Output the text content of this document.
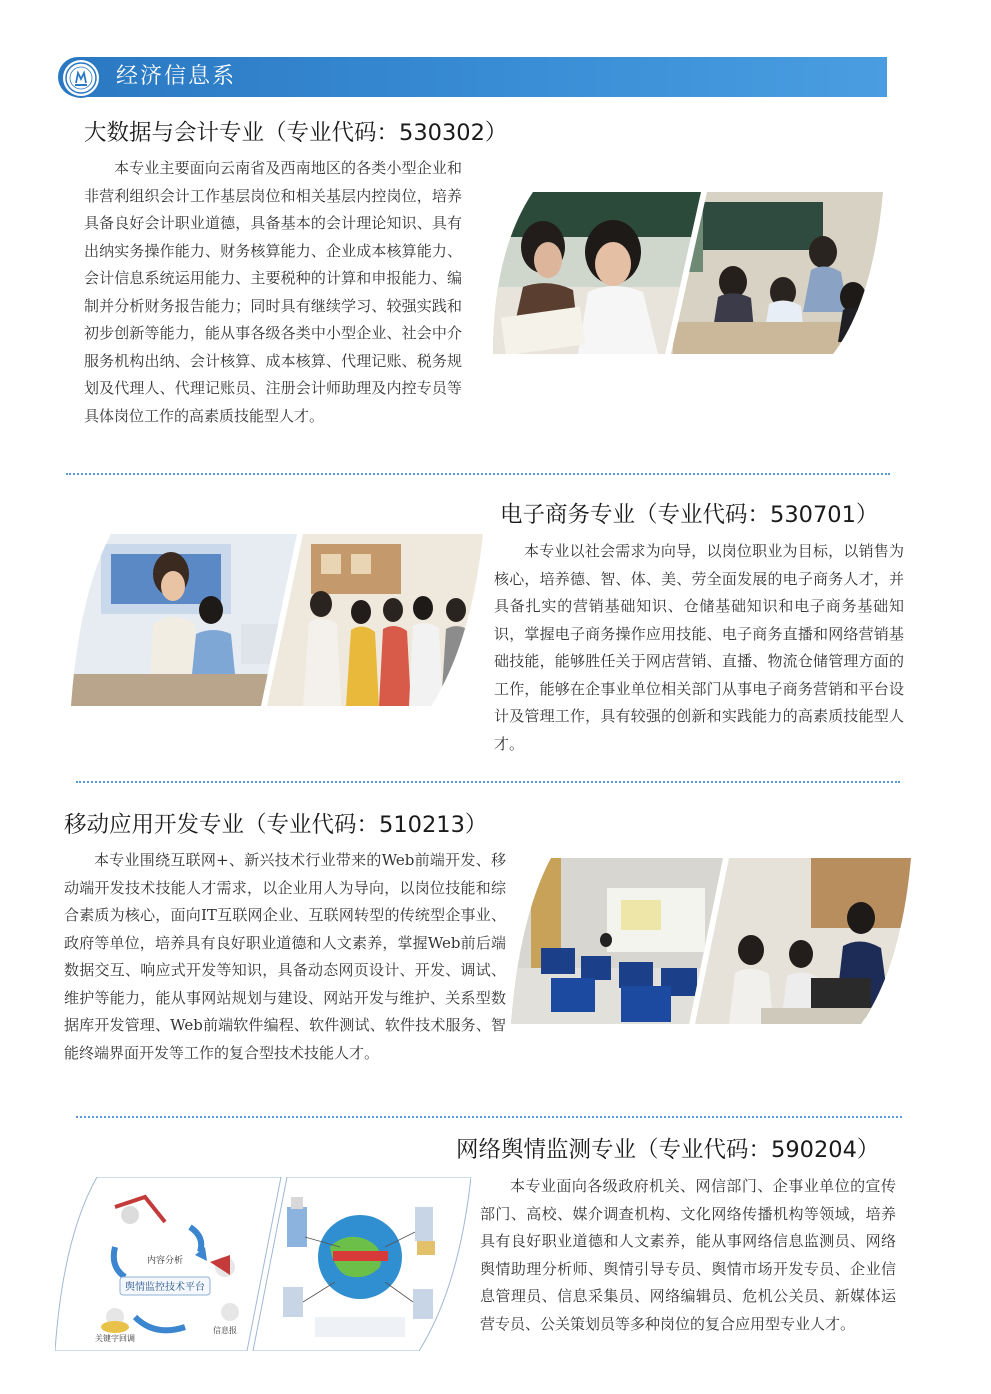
经济信息系
大数据与会计专业（专业代码：530302）
本专业主要面向云南省及西南地区的各类小型企业和非营利组织会计工作基层岗位和相关基层内控岗位，培养具备良好会计职业道德，具备基本的会计理论知识、具有出纳实务操作能力、财务核算能力、企业成本核算能力、会计信息系统运用能力、主要税种的计算和申报能力、编制并分析财务报告能力；同时具有继续学习、较强实践和初步创新等能力，能从事各级各类中小型企业、社会中介服务机构出纳、会计核算、成本核算、代理记账、税务规划及代理人、代理记账员、注册会计师助理及内控专员等具体岗位工作的高素质技能型人才。
电子商务专业（专业代码：530701）
本专业以社会需求为向导，以岗位职业为目标，以销售为核心，培养德、智、体、美、劳全面发展的电子商务人才，并具备扎实的营销基础知识、仓储基础知识和电子商务基础知识，掌握电子商务操作应用技能、电子商务直播和网络营销基础技能，能够胜任关于网店营销、直播、物流仓储管理方面的工作，能够在企事业单位相关部门从事电子商务营销和平台设计及管理工作，具有较强的创新和实践能力的高素质技能型人才。
移动应用开发专业（专业代码：510213）
本专业围绕互联网+、新兴技术行业带来的Web前端开发、移动端开发技术技能人才需求，以企业用人为导向，以岗位技能和综合素质为核心，面向IT互联网企业、互联网转型的传统型企事业、政府等单位，培养具有良好职业道德和人文素养，掌握Web前后端数据交互、响应式开发等知识，具备动态网页设计、开发、调试、维护等能力，能从事网站规划与建设、网站开发与维护、关系型数据库开发管理、Web前端软件编程、软件测试、软件技术服务、智能终端界面开发等工作的复合型技术技能人才。
网络舆情监测专业（专业代码：590204）
本专业面向各级政府机关、网信部门、企事业单位的宣传部门、高校、媒介调查机构、文化网络传播机构等领域，培养具有良好职业道德和人文素养，能从事网络信息监测员、网络舆情助理分析师、舆情引导专员、舆情市场开发专员、企业信息管理员、信息采集员、网络编辑员、危机公关员、新媒体运营专员、公关策划员等多种岗位的复合应用型专业人才。
内容分析
舆情监控技术平台
信息报
关键字回调
